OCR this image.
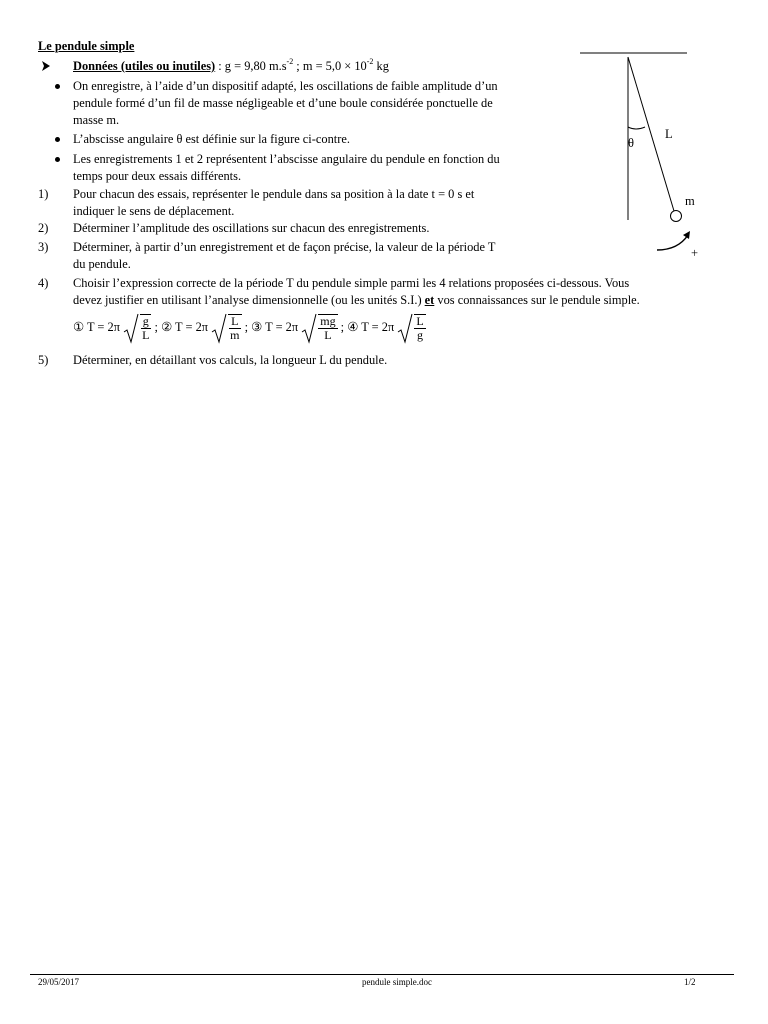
Le pendule simple
Données (utiles ou inutiles) : g = 9,80 $m.s^{-2}$ ; $m = 5,0 \times 10^{-2}$ kg
On enregistre, à l’aide d’un dispositif adapté, les oscillations de faible amplitude d’un
pendule formé d’un fil de masse négligeable et d’une boule considérée ponctuelle de
masse m.
L’abscisse angulaire θ est définie sur la figure ci-contre.
Les enregistrements 1 et 2 représentent l’abscisse angulaire du pendule en fonction du
temps pour deux essais différents.
1)	Pour chacun des essais, représenter le pendule dans sa position à la date t = 0 s et
indiquer le sens de déplacement.
2)	Déterminer l’amplitude des oscillations sur chacun des enregistrements.
3)	Déterminer, à partir d’un enregistrement et de façon précise, la valeur de la période T
du pendule.
4)	Choisir l’expression correcte de la période T du pendule simple parmi les 4 relations proposées ci-dessous. Vous
devez justifier en utilisant l’analyse dimensionnelle (ou les unités S.I.) et vos connaissances sur le pendule simple.
① $T = 2\pi \frac{g}{L}$ ;
② $T = 2\pi \frac{L}{m}$ ;
③ $T = 2\pi \frac{mg}{L}$ ;
④ $T = 2\pi \frac{L}{g}$
5)	Déterminer, en détaillant vos calculs, la longueur L du pendule.
L
θ
m
+
29/05/2017	pendule simple.doc	1/2
